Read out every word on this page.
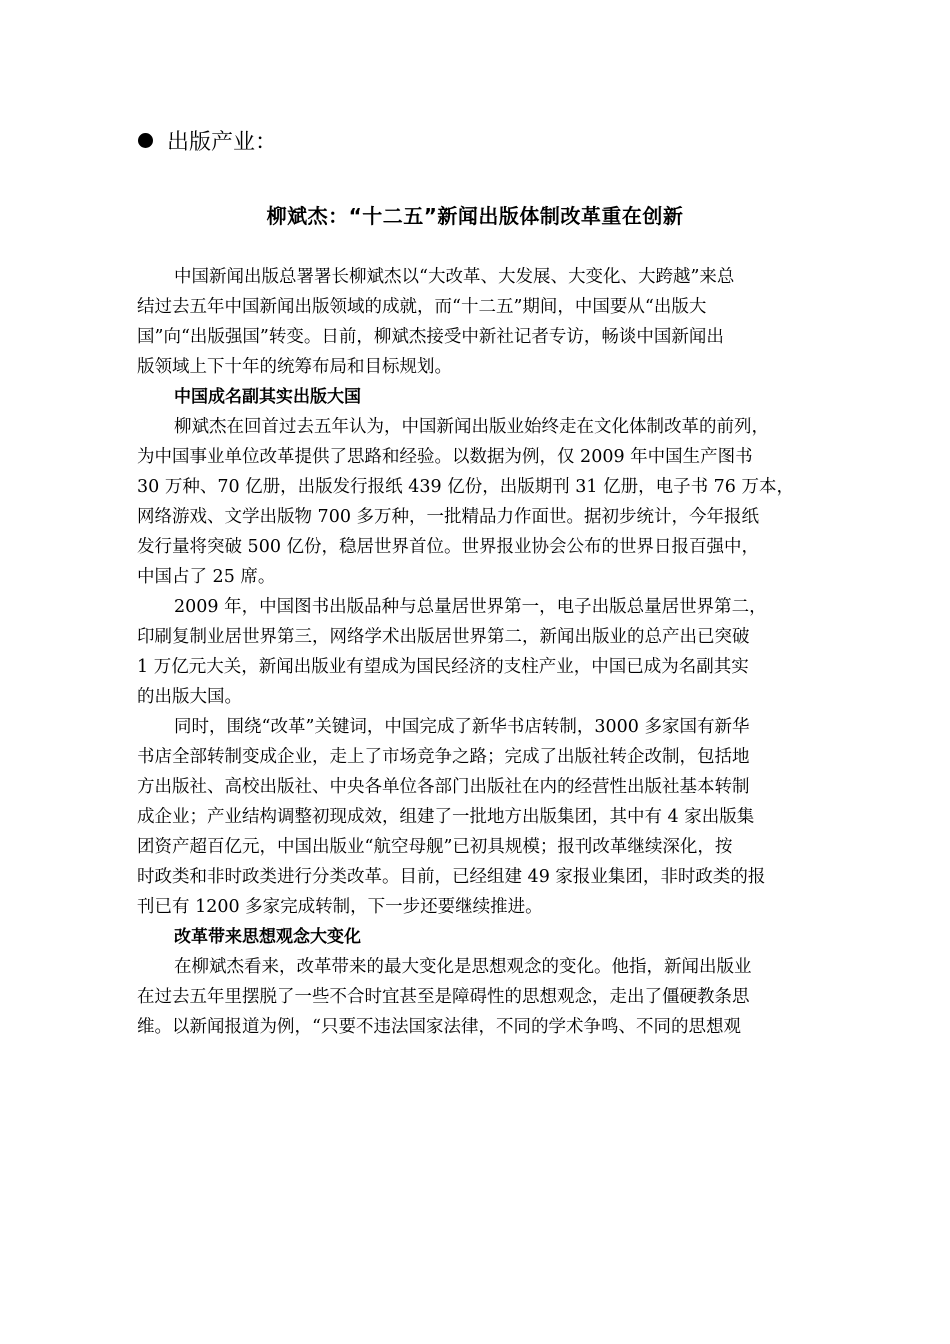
出版产业：
柳斌杰：“十二五”新闻出版体制改革重在创新

中国新闻出版总署署长柳斌杰以“大改革、大发展、大变化、大跨越”来总
结过去五年中国新闻出版领域的成就，而“十二五”期间，中国要从“出版大
国”向“出版强国”转变。日前，柳斌杰接受中新社记者专访，畅谈中国新闻出
版领域上下十年的统筹布局和目标规划。

中国成名副其实出版大国

柳斌杰在回首过去五年认为，中国新闻出版业始终走在文化体制改革的前列，
为中国事业单位改革提供了思路和经验。以数据为例，仅 2009 年中国生产图书
30 万种、70 亿册，出版发行报纸 439 亿份，出版期刊 31 亿册，电子书 76 万本，
网络游戏、文学出版物 700 多万种，一批精品力作面世。据初步统计，今年报纸
发行量将突破 500 亿份，稳居世界首位。世界报业协会公布的世界日报百强中，
中国占了 25 席。

2009 年，中国图书出版品种与总量居世界第一，电子出版总量居世界第二，
印刷复制业居世界第三，网络学术出版居世界第二，新闻出版业的总产出已突破
1 万亿元大关，新闻出版业有望成为国民经济的支柱产业，中国已成为名副其实
的出版大国。

同时，围绕“改革”关键词，中国完成了新华书店转制，3000 多家国有新华
书店全部转制变成企业，走上了市场竞争之路；完成了出版社转企改制，包括地
方出版社、高校出版社、中央各单位各部门出版社在内的经营性出版社基本转制
成企业；产业结构调整初现成效，组建了一批地方出版集团，其中有 4 家出版集
团资产超百亿元，中国出版业“航空母舰”已初具规模；报刊改革继续深化，按
时政类和非时政类进行分类改革。目前，已经组建 49 家报业集团，非时政类的报
刊已有 1200 多家完成转制，下一步还要继续推进。

改革带来思想观念大变化

在柳斌杰看来，改革带来的最大变化是思想观念的变化。他指，新闻出版业
在过去五年里摆脱了一些不合时宜甚至是障碍性的思想观念，走出了僵硬教条思
维。以新闻报道为例，“只要不违法国家法律，不同的学术争鸣、不同的思想观
